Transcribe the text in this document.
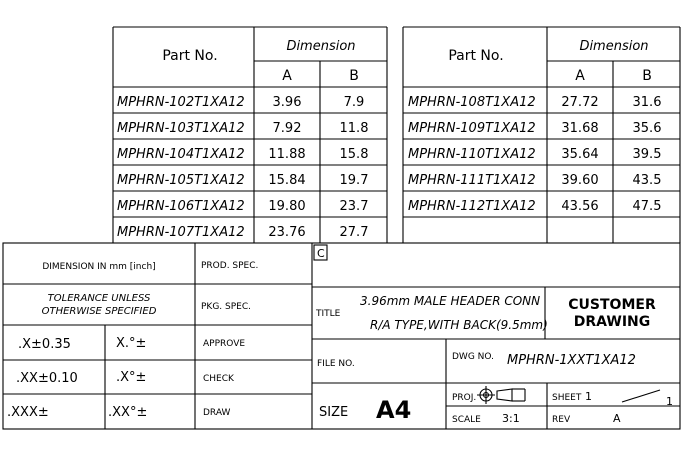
Part No.
Dimension
A	B
MPHRN-102T1XA12 3.96	7.9
MPHRN-103T1XA12 7.92	11.8
MPHRN-104T1XA12 11.88	15.8
MPHRN-105T1XA12 15.84	19.7
MPHRN-106T1XA12 19.80	23.7
MPHRN-107T1XA12 23.76	27.7
Part No.
Dimension
A	B
MPHRN-108T1XA12 27.72	31.6
MPHRN-109T1XA12 31.68	35.6
MPHRN-110T1XA12 35.64	39.5
MPHRN-111T1XA12 39.60	43.5
MPHRN-112T1XA12 43.56	47.5
DIMENSION IN mm [inch]
TOLERANCE UNLESS
OTHERWISE SPECIFIED
.X±0.35	X.°±
.XX±0.10	.X°±
.XXX±	.XX°±
PROD. SPEC.
PKG. SPEC.
APPROVE
CHECK
DRAW
C
TITLE
3.96mm MALE HEADER CONN
R/A TYPE,WITH BACK(9.5mm)
CUSTOMER
DRAWING
FILE NO.
DWG NO. MPHRN-1XXT1XA12
SIZE A4	PROJ.
SCALE 3:1
SHEET 1	1
REV	A
